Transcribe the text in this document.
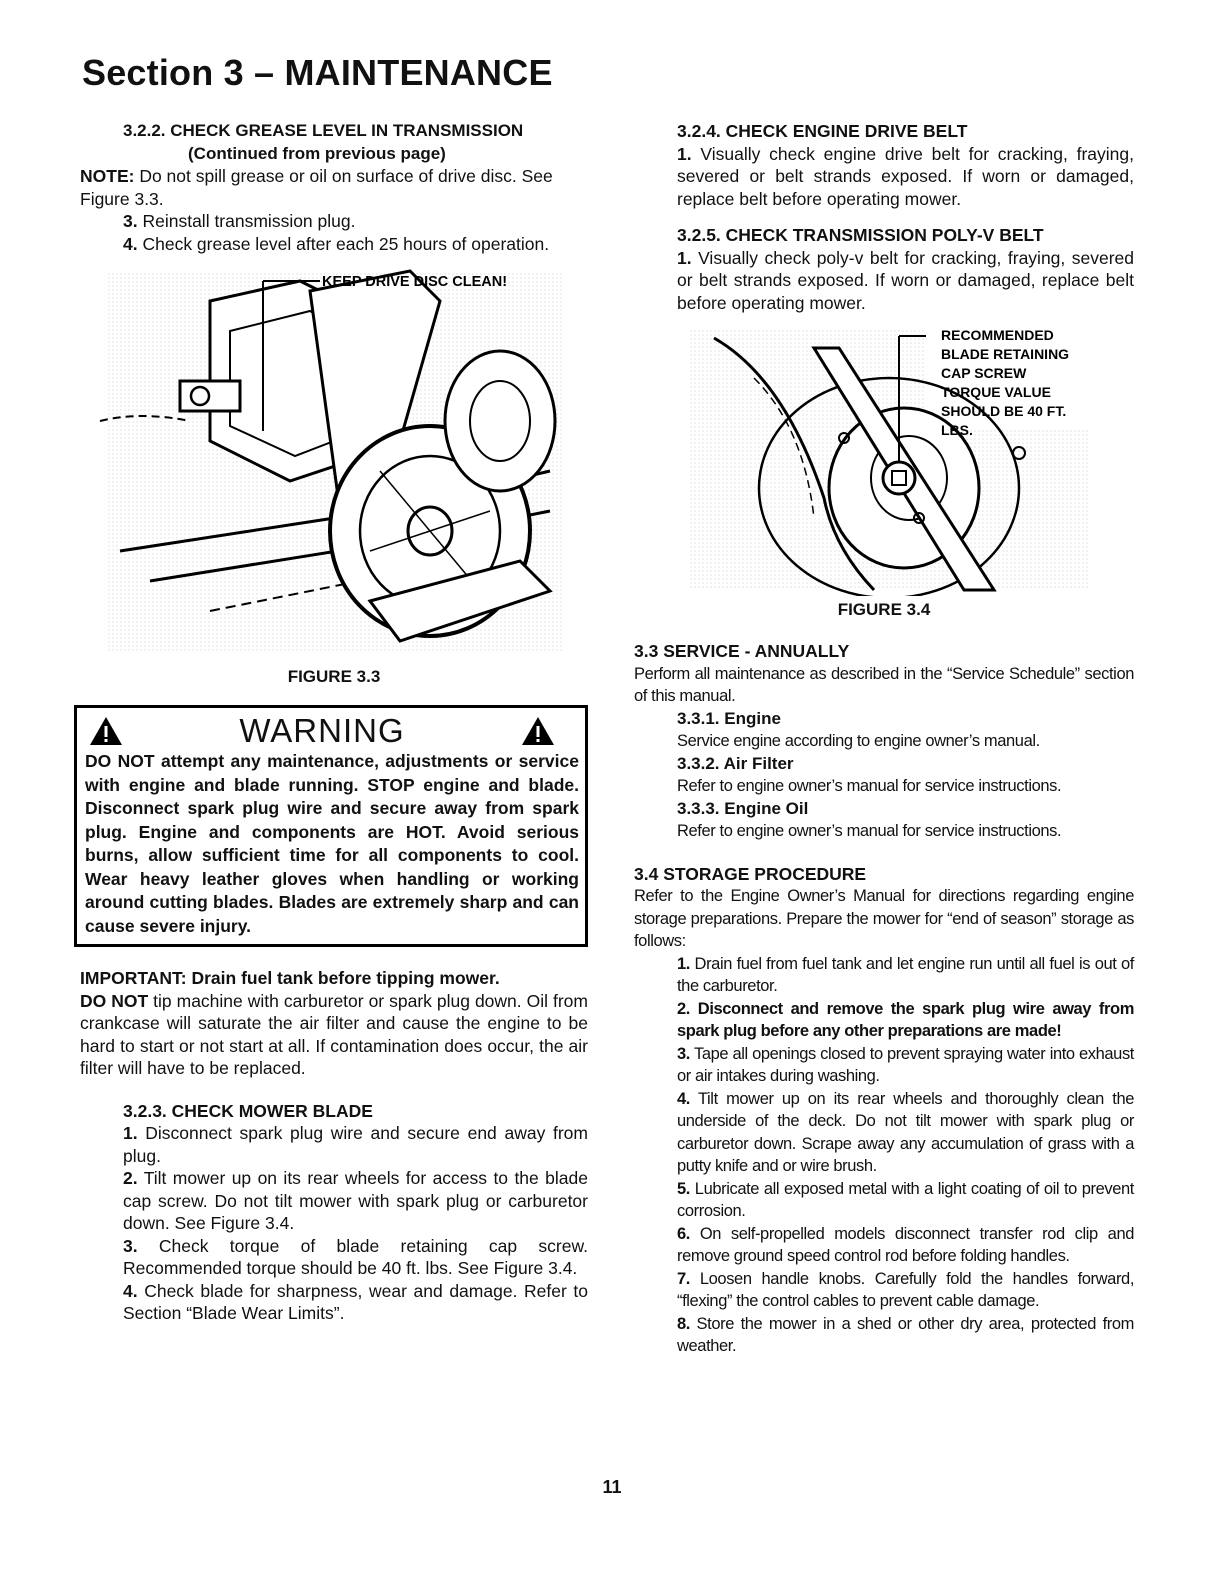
Section 3 – MAINTENANCE

3.2.2. CHECK GREASE LEVEL IN TRANSMISSION

(Continued from previous page)

NOTE: Do not spill grease or oil on surface of drive disc. See Figure 3.3.

3. Reinstall transmission plug.

4. Check grease level after each 25 hours of operation.

KEEP DRIVE DISC CLEAN!

FIGURE 3.3

WARNING

DO NOT attempt any maintenance, adjustments or service with engine and blade running. STOP engine and blade. Disconnect spark plug wire and secure away from spark plug. Engine and components are HOT. Avoid serious burns, allow sufficient time for all components to cool. Wear heavy leather gloves when handling or working around cutting blades. Blades are extremely sharp and can cause severe injury.

IMPORTANT: Drain fuel tank before tipping mower.
DO NOT tip machine with carburetor or spark plug down. Oil from crankcase will saturate the air filter and cause the engine to be hard to start or not start at all. If contamination does occur, the air filter will have to be replaced.

3.2.3. CHECK MOWER BLADE

1. Disconnect spark plug wire and secure end away from plug.

2. Tilt mower up on its rear wheels for access to the blade cap screw. Do not tilt mower with spark plug or carburetor down. See Figure 3.4.

3. Check torque of blade retaining cap screw. Recommended torque should be 40 ft. lbs. See Figure 3.4.

4. Check blade for sharpness, wear and damage. Refer to Section “Blade Wear Limits”.

3.2.4. CHECK ENGINE DRIVE BELT

1. Visually check engine drive belt for cracking, fraying, severed or belt strands exposed. If worn or damaged, replace belt before operating mower.

3.2.5. CHECK TRANSMISSION POLY-V BELT

1. Visually check poly-v belt for cracking, fraying, severed or belt strands exposed. If worn or damaged, replace belt before operating mower.

RECOMMENDED BLADE RETAINING CAP SCREW TORQUE VALUE SHOULD BE 40 FT. LBS.

FIGURE 3.4

3.3 SERVICE - ANNUALLY

Perform all maintenance as described in the “Service Schedule” section of this manual.

3.3.1. Engine

Service engine according to engine owner’s manual.

3.3.2. Air Filter

Refer to engine owner’s manual for service instructions.

3.3.3. Engine Oil

Refer to engine owner’s manual for service instructions.

3.4 STORAGE PROCEDURE

Refer to the Engine Owner’s Manual for directions regarding engine storage preparations. Prepare the mower for “end of season” storage as follows:

1. Drain fuel from fuel tank and let engine run until all fuel is out of the carburetor.

2. Disconnect and remove the spark plug wire away from spark plug before any other preparations are made!

3. Tape all openings closed to prevent spraying water into exhaust or air intakes during washing.

4. Tilt mower up on its rear wheels and thoroughly clean the underside of the deck. Do not tilt mower with spark plug or carburetor down. Scrape away any accumulation of grass with a putty knife and or wire brush.

5. Lubricate all exposed metal with a light coating of oil to prevent corrosion.

6. On self-propelled models disconnect transfer rod clip and remove ground speed control rod before folding handles.

7. Loosen handle knobs. Carefully fold the handles forward, “flexing” the control cables to prevent cable damage.

8. Store the mower in a shed or other dry area, protected from weather.

11
